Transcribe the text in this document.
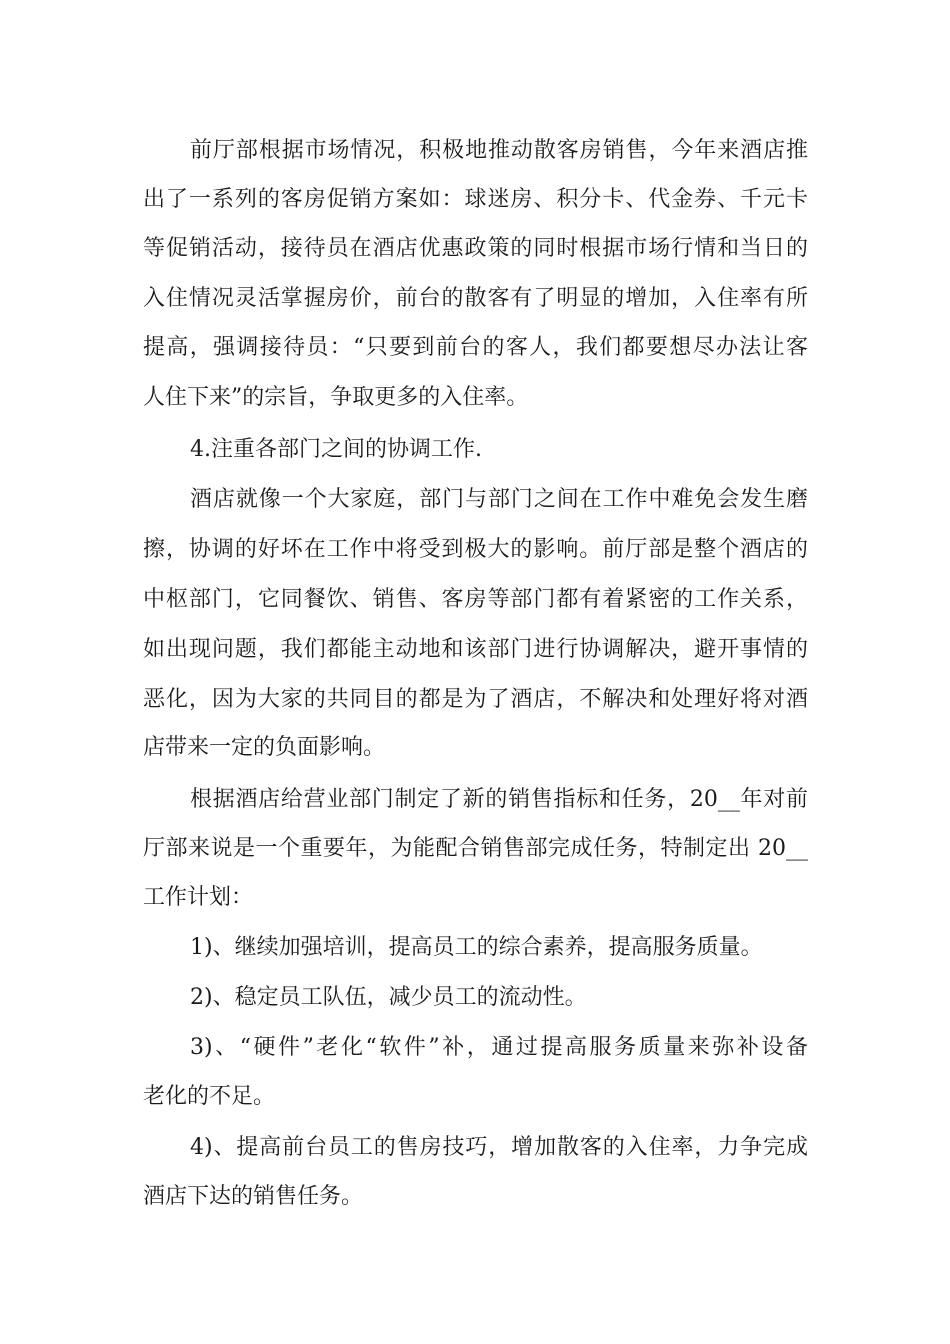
前厅部根据市场情况，积极地推动散客房销售，今年来酒店推
出了一系列的客房促销方案如：球迷房、积分卡、代金券、千元卡
等促销活动，接待员在酒店优惠政策的同时根据市场行情和当日的
入住情况灵活掌握房价，前台的散客有了明显的增加，入住率有所
提高，强调接待员：“只要到前台的客人，我们都要想尽办法让客
人住下来”的宗旨，争取更多的入住率。
4.注重各部门之间的协调工作.
酒店就像一个大家庭，部门与部门之间在工作中难免会发生磨
擦，协调的好坏在工作中将受到极大的影响。前厅部是整个酒店的
中枢部门，它同餐饮、销售、客房等部门都有着紧密的工作关系，
如出现问题，我们都能主动地和该部门进行协调解决，避开事情的
恶化，因为大家的共同目的都是为了酒店，不解决和处理好将对酒
店带来一定的负面影响。
根据酒店给营业部门制定了新的销售指标和任务，20__年对前
厅部来说是一个重要年，为能配合销售部完成任务，特制定出 20__
工作计划：
1)、继续加强培训，提高员工的综合素养，提高服务质量。
2)、稳定员工队伍，减少员工的流动性。
3)、“硬件”老化“软件”补，通过提高服务质量来弥补设备
老化的不足。
4)、提高前台员工的售房技巧，增加散客的入住率，力争完成
酒店下达的销售任务。
